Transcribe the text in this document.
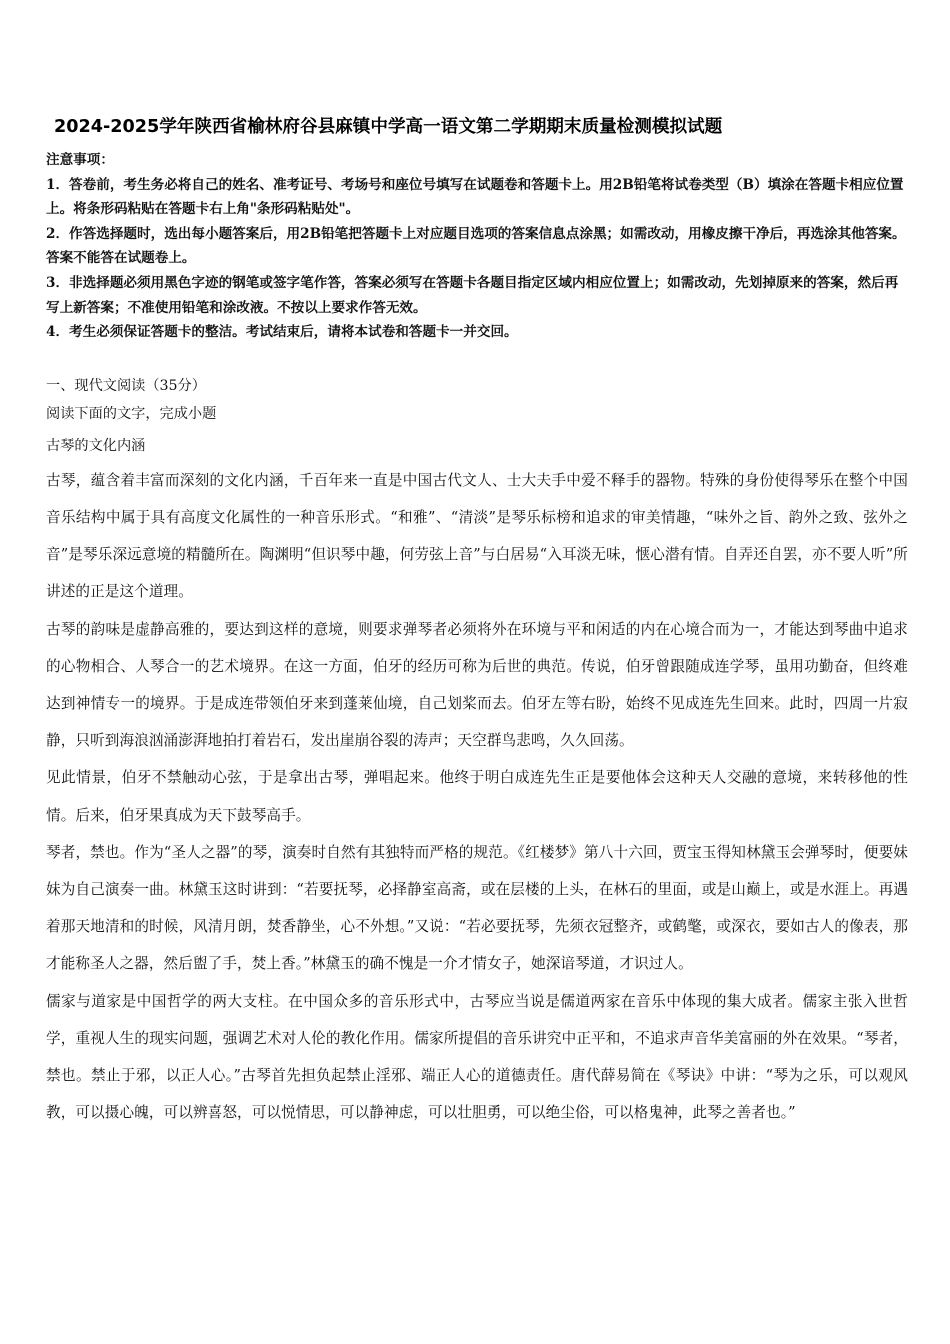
2024-2025学年陕西省榆林府谷县麻镇中学高一语文第二学期期末质量检测模拟试题

注意事项：

1．答卷前，考生务必将自己的姓名、准考证号、考场号和座位号填写在试题卷和答题卡上。用2B铅笔将试卷类型（B）填涂在答题卡相应位置上。将条形码粘贴在答题卡右上角"条形码粘贴处"。

2．作答选择题时，选出每小题答案后，用2B铅笔把答题卡上对应题目选项的答案信息点涂黑；如需改动，用橡皮擦干净后，再选涂其他答案。答案不能答在试题卷上。

3．非选择题必须用黑色字迹的钢笔或签字笔作答，答案必须写在答题卡各题目指定区域内相应位置上；如需改动，先划掉原来的答案，然后再写上新答案；不准使用铅笔和涂改液。不按以上要求作答无效。

4．考生必须保证答题卡的整洁。考试结束后，请将本试卷和答题卡一并交回。

一、现代文阅读（35分）

阅读下面的文字，完成小题

古琴的文化内涵

古琴，蕴含着丰富而深刻的文化内涵，千百年来一直是中国古代文人、士大夫手中爱不释手的器物。特殊的身份使得琴乐在整个中国音乐结构中属于具有高度文化属性的一种音乐形式。“和雅”、“清淡”是琴乐标榜和追求的审美情趣，“味外之旨、韵外之致、弦外之音”是琴乐深远意境的精髓所在。陶渊明“但识琴中趣，何劳弦上音”与白居易“入耳淡无味，惬心潜有情。自弄还自罢，亦不要人听”所讲述的正是这个道理。

古琴的韵味是虚静高雅的，要达到这样的意境，则要求弹琴者必须将外在环境与平和闲适的内在心境合而为一，才能达到琴曲中追求的心物相合、人琴合一的艺术境界。在这一方面，伯牙的经历可称为后世的典范。传说，伯牙曾跟随成连学琴，虽用功勤奋，但终难达到神情专一的境界。于是成连带领伯牙来到蓬莱仙境，自己划桨而去。伯牙左等右盼，始终不见成连先生回来。此时，四周一片寂静，只听到海浪汹涌澎湃地拍打着岩石，发出崖崩谷裂的涛声；天空群鸟悲鸣，久久回荡。

见此情景，伯牙不禁触动心弦，于是拿出古琴，弹唱起来。他终于明白成连先生正是要他体会这种天人交融的意境，来转移他的性情。后来，伯牙果真成为天下鼓琴高手。

琴者，禁也。作为“圣人之器”的琴，演奏时自然有其独特而严格的规范。《红楼梦》第八十六回，贾宝玉得知林黛玉会弹琴时，便要妹妹为自己演奏一曲。林黛玉这时讲到：“若要抚琴，必择静室高斋，或在层楼的上头，在林石的里面，或是山巅上，或是水涯上。再遇着那天地清和的时候，风清月朗，焚香静坐，心不外想。”又说：“若必要抚琴，先须衣冠整齐，或鹤氅，或深衣，要如古人的像表，那才能称圣人之器，然后盥了手，焚上香。”林黛玉的确不愧是一介才情女子，她深谙琴道，才识过人。

儒家与道家是中国哲学的两大支柱。在中国众多的音乐形式中，古琴应当说是儒道两家在音乐中体现的集大成者。儒家主张入世哲学，重视人生的现实问题，强调艺术对人伦的教化作用。儒家所提倡的音乐讲究中正平和，不追求声音华美富丽的外在效果。“琴者，禁也。禁止于邪，以正人心。”古琴首先担负起禁止淫邪、端正人心的道德责任。唐代薛易简在《琴诀》中讲：“琴为之乐，可以观风教，可以摄心魄，可以辨喜怒，可以悦情思，可以静神虑，可以壮胆勇，可以绝尘俗，可以格鬼神，此琴之善者也。”
